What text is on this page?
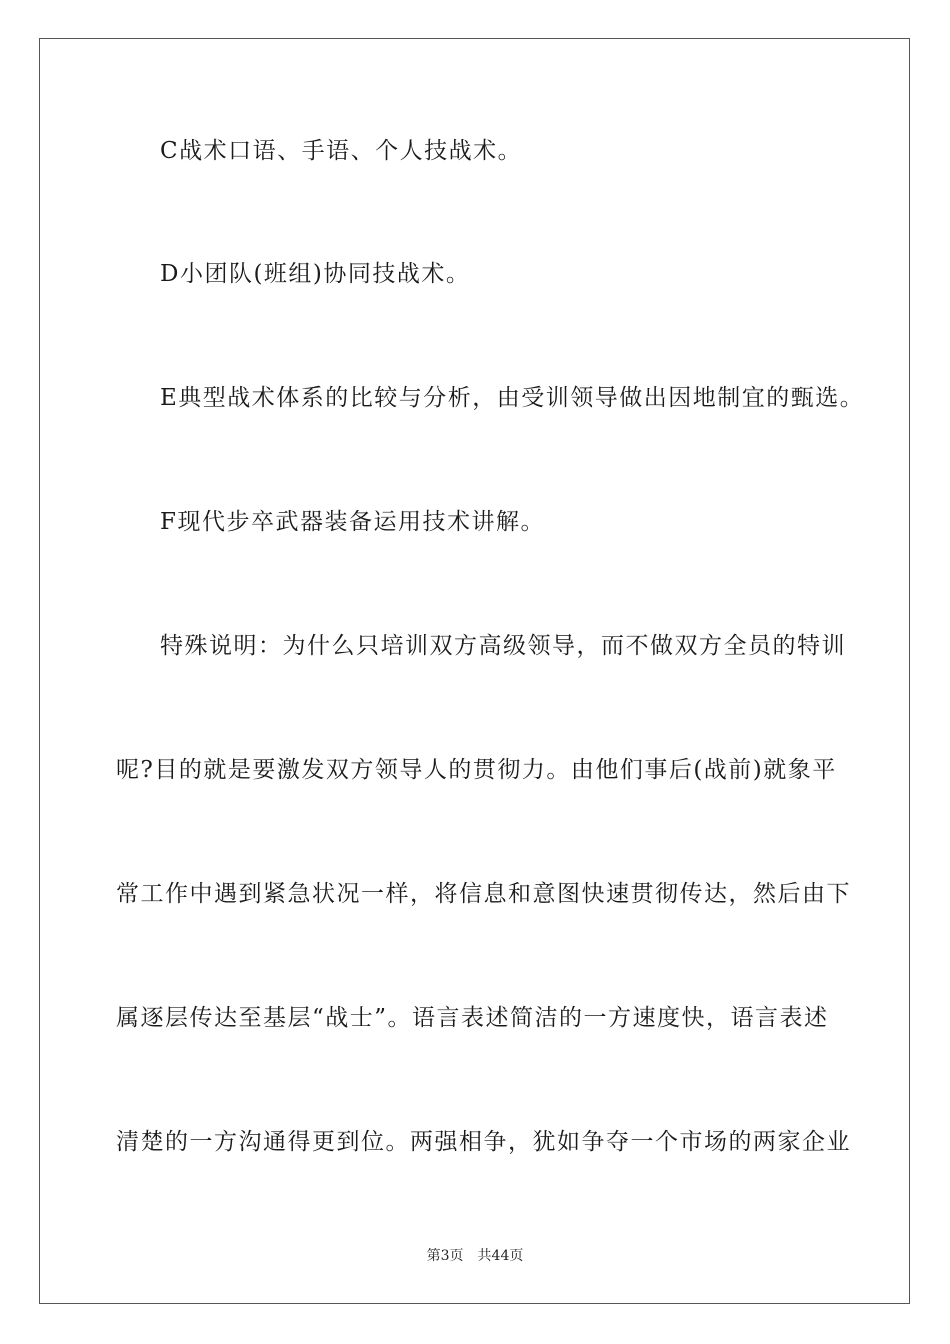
C战术口语、手语、个人技战术。
D小团队(班组)协同技战术。
E典型战术体系的比较与分析，由受训领导做出因地制宜的甄选。
F现代步卒武器装备运用技术讲解。
特殊说明：为什么只培训双方高级领导，而不做双方全员的特训
呢?目的就是要激发双方领导人的贯彻力。由他们事后(战前)就象平
常工作中遇到紧急状况一样，将信息和意图快速贯彻传达，然后由下
属逐层传达至基层“战士”。语言表述简洁的一方速度快，语言表述
清楚的一方沟通得更到位。两强相争，犹如争夺一个市场的两家企业
第3页 共44页
